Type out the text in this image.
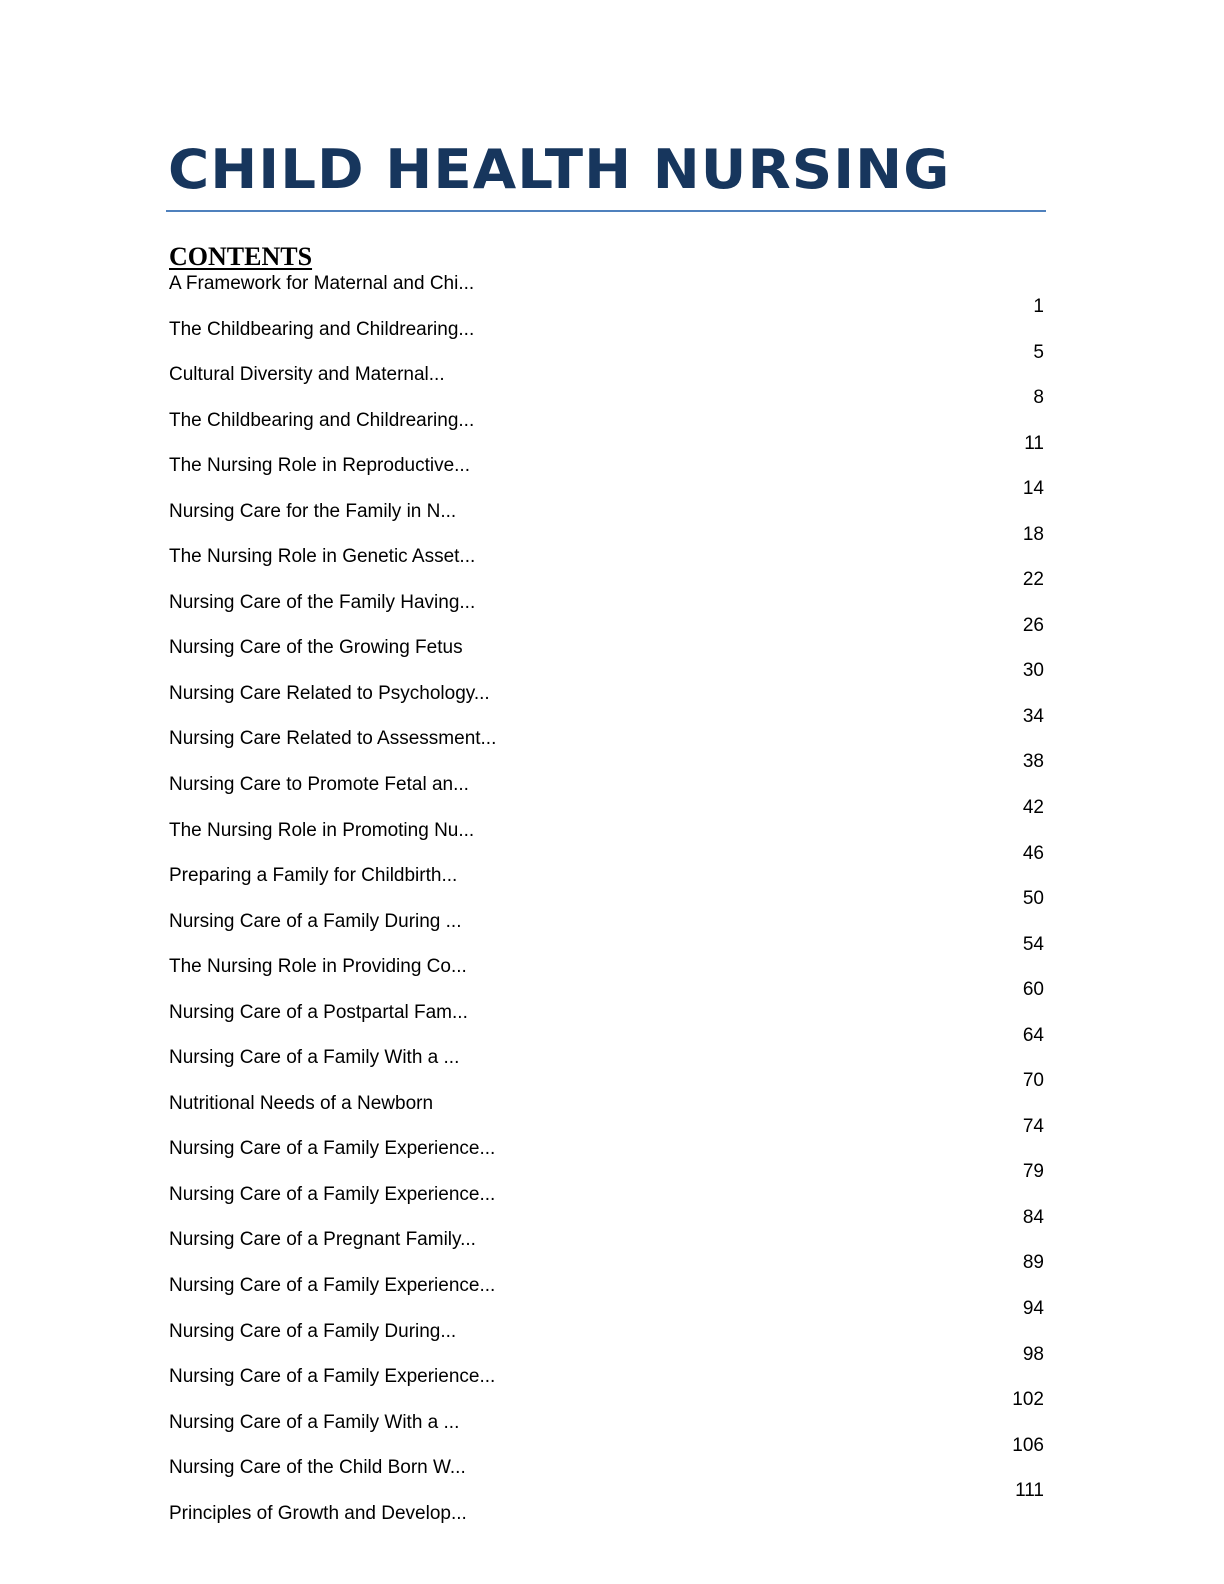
CHILD HEALTH NURSING
CONTENTS
A Framework for Maternal and Chi...
1
The Childbearing and Childrearing...
5
Cultural Diversity and Maternal...
8
The Childbearing and Childrearing...
11
The Nursing Role in Reproductive...
14
Nursing Care for the Family in N...
18
The Nursing Role in Genetic Asset...
22
Nursing Care of the Family Having...
26
Nursing Care of the Growing Fetus
30
Nursing Care Related to Psychology...
34
Nursing Care Related to Assessment...
38
Nursing Care to Promote Fetal an...
42
The Nursing Role in Promoting Nu...
46
Preparing a Family for Childbirth...
50
Nursing Care of a Family During ...
54
The Nursing Role in Providing Co...
60
Nursing Care of a Postpartal Fam...
64
Nursing Care of a Family With a ...
70
Nutritional Needs of a Newborn
74
Nursing Care of a Family Experience...
79
Nursing Care of a Family Experience...
84
Nursing Care of a Pregnant Family...
89
Nursing Care of a Family Experience...
94
Nursing Care of a Family During...
98
Nursing Care of a Family Experience...
102
Nursing Care of a Family With a ...
106
Nursing Care of the Child Born W...
111
Principles of Growth and Develop...
